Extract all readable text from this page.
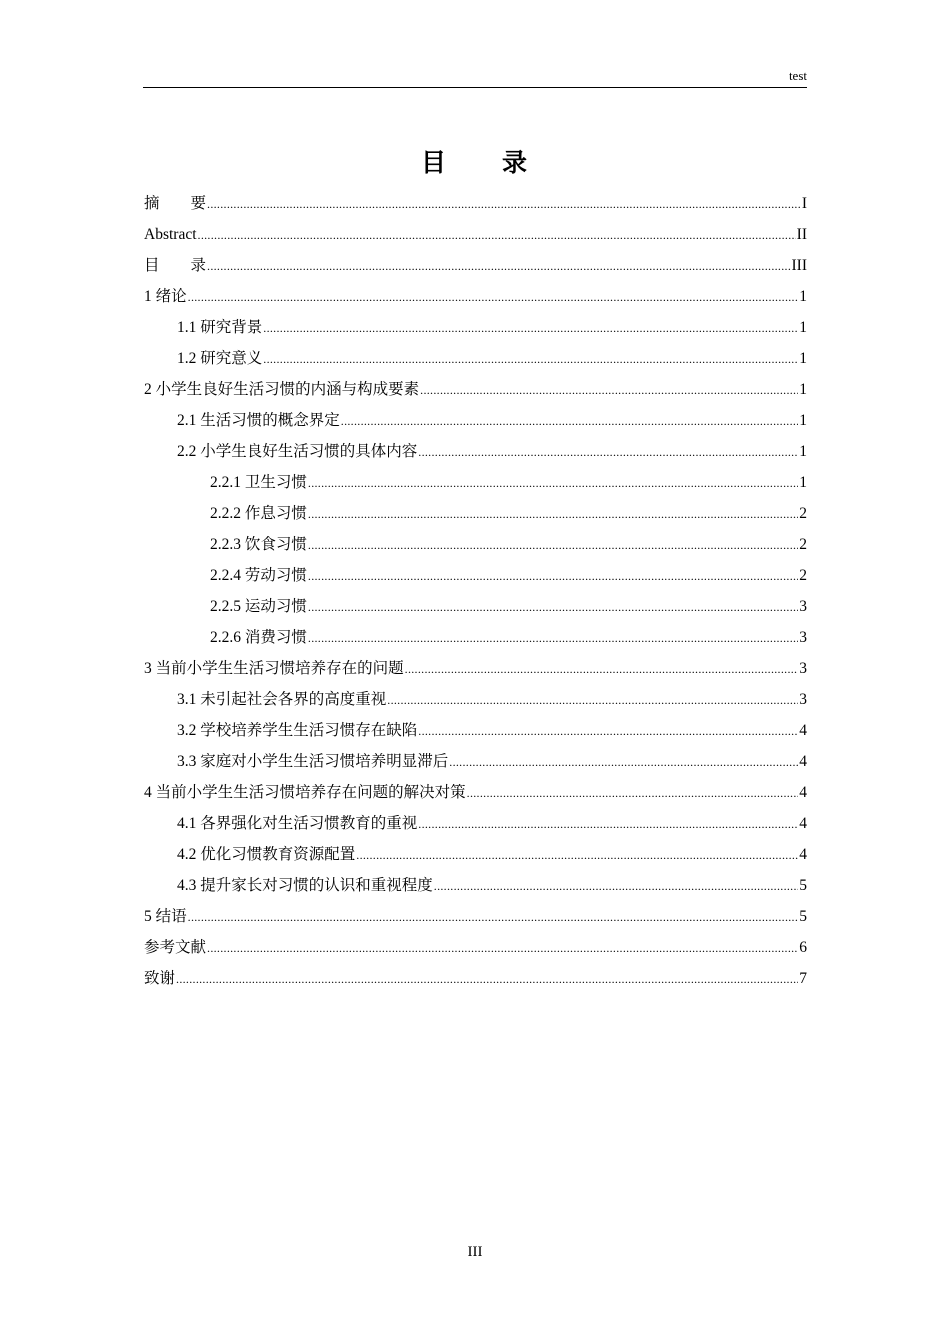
test
目　　录
摘　　要 .....	I
Abstract .....	II
目　　录 .....	III
1 绪论 .....	1
1.1 研究背景 .....	1
1.2 研究意义 .....	1
2 小学生良好生活习惯的内涵与构成要素 .....	1
2.1 生活习惯的概念界定 .....	1
2.2 小学生良好生活习惯的具体内容 .....	1
2.2.1 卫生习惯 .....	1
2.2.2 作息习惯 .....	2
2.2.3 饮食习惯 .....	2
2.2.4 劳动习惯 .....	2
2.2.5 运动习惯 .....	3
2.2.6 消费习惯 .....	3
3 当前小学生生活习惯培养存在的问题 .....	3
3.1 未引起社会各界的高度重视 .....	3
3.2 学校培养学生生活习惯存在缺陷 .....	4
3.3 家庭对小学生生活习惯培养明显滞后 .....	4
4 当前小学生生活习惯培养存在问题的解决对策 .....	4
4.1 各界强化对生活习惯教育的重视 .....	4
4.2 优化习惯教育资源配置 .....	4
4.3 提升家长对习惯的认识和重视程度 .....	5
5 结语 .....	5
参考文献 .....	6
致谢 .....	7
III
